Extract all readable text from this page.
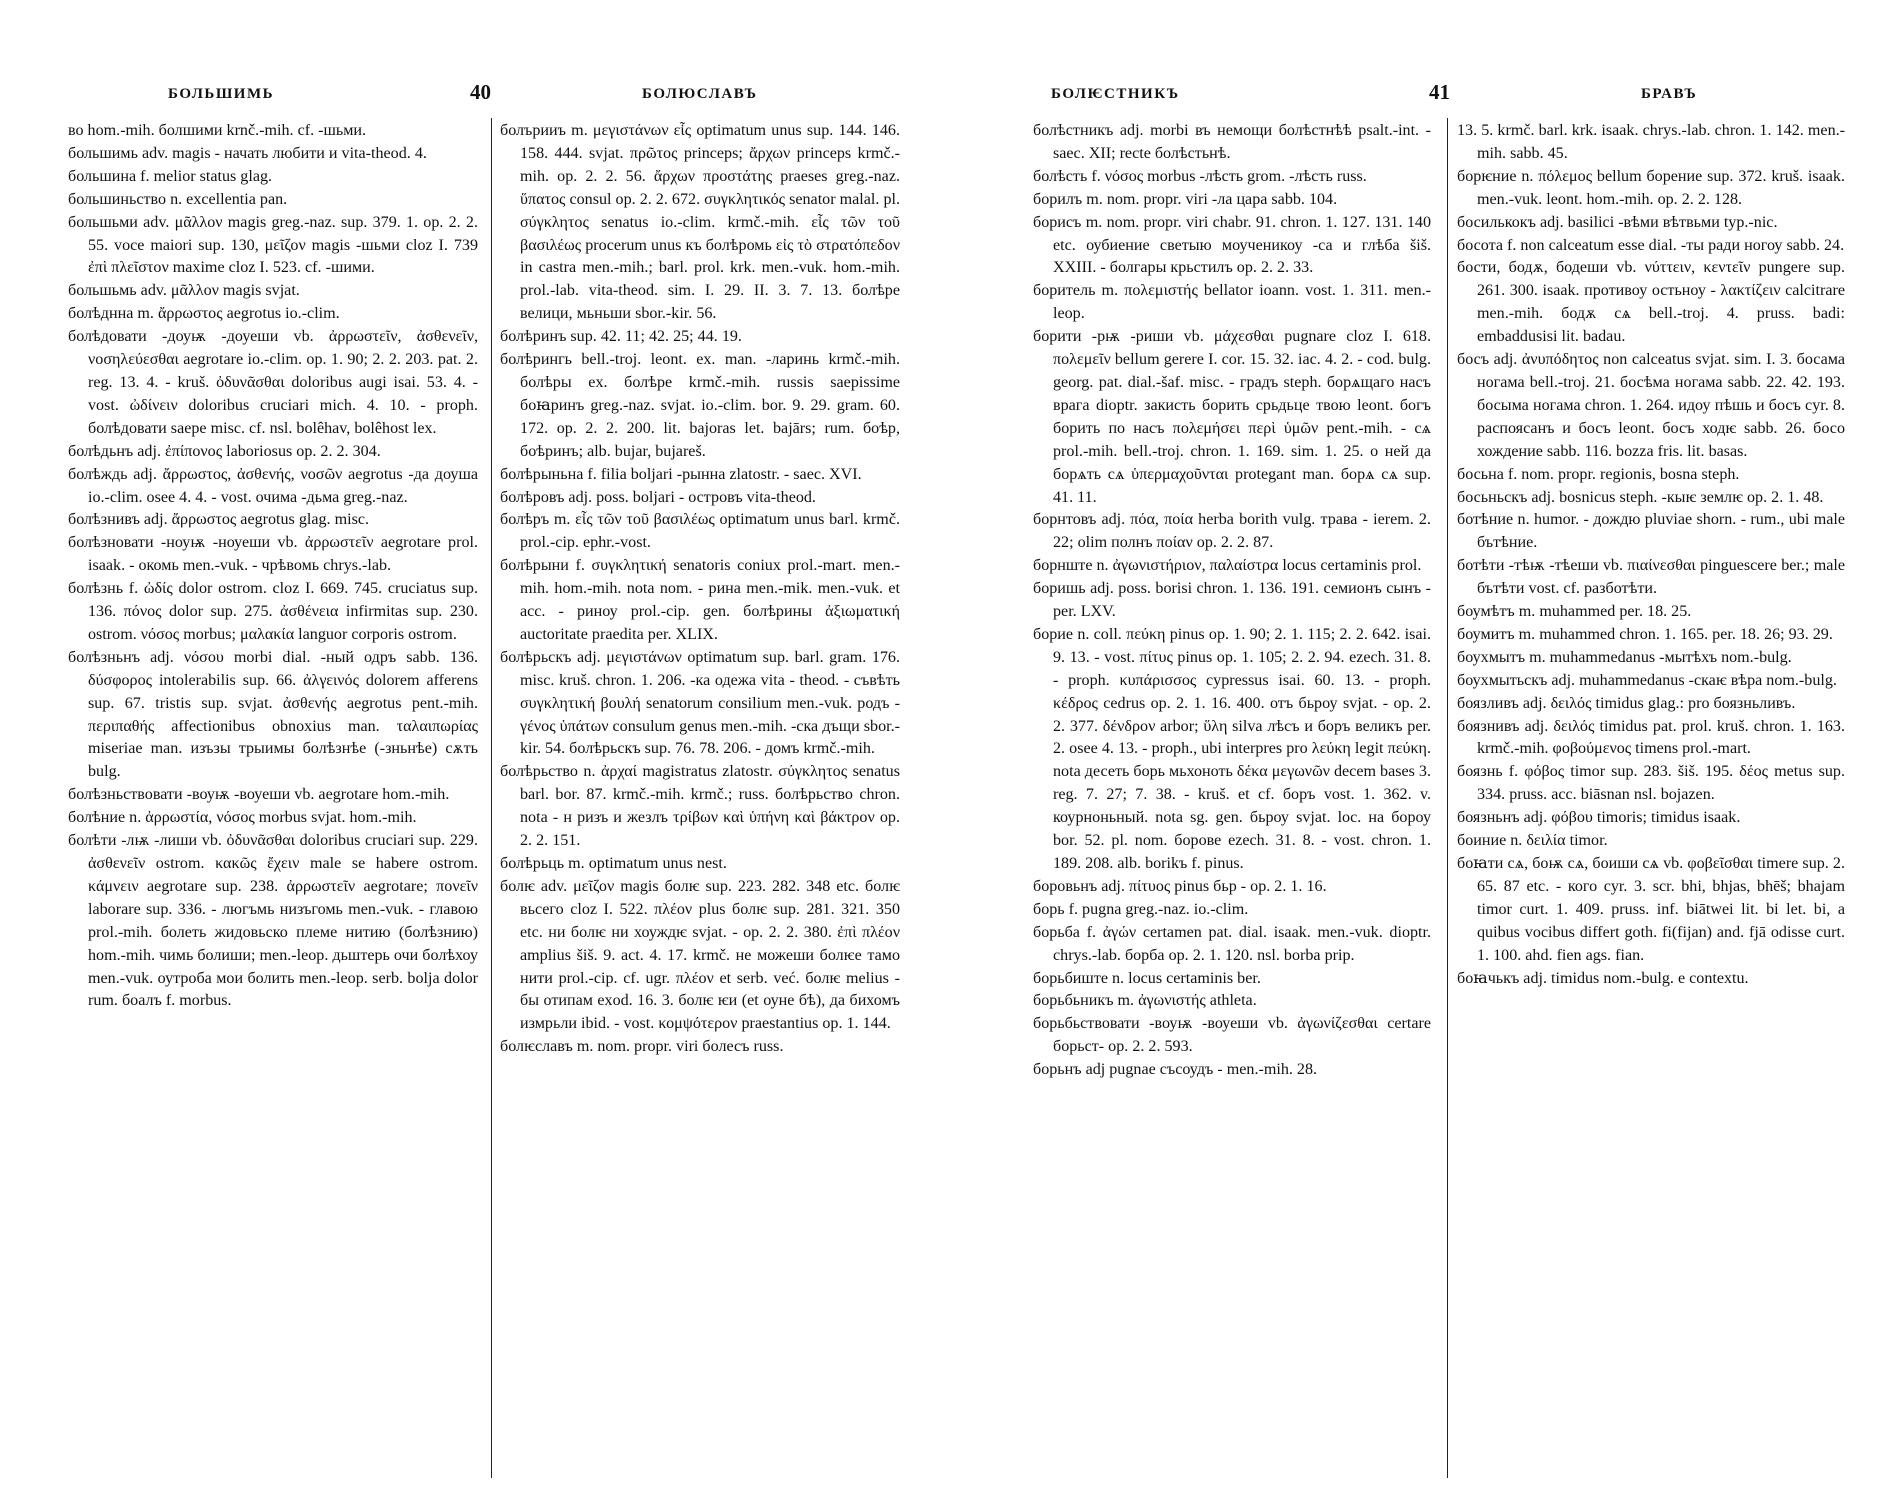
БОЛЬШИМЬ	40	БОЛЮСЛАВЪ

во hom.-mih. болшими krnč.-mih. cf. -шьми.

большимь adv. magis - начать любити и vita-theod. 4.

большина f. melior status glag.

большиньство n. excellentia pan.

большьми adv. μᾶλλον magis greg.-naz. sup. 379. 1. op. 2. 2. 55. voce maiori sup. 130, μεῖζον magis -шьми cloz I. 739 ἐπὶ πλεῖστον maxime cloz I. 523. cf. -шими.

большьмь adv. μᾶλλον magis svjat.

болѣднна m. ἄρρωστος aegrotus io.-clim.

болѣдовати -доуѭ -доуеши vb. ἀρρωστεῖν, ἀσθενεῖν, νοσηλεύεσθαι aegrotare io.-clim. op. 1. 90; 2. 2. 203. pat. 2. reg. 13. 4. - kruš. ὀδυνᾶσθαι doloribus augi isai. 53. 4. - vost. ὠδίνειν doloribus cruciari mich. 4. 10. - proph. болѣдовати saepe misc. cf. nsl. bolêhav, bolêhost lex.

болѣдьнъ adj. ἐπίπονος laboriosus op. 2. 2. 304.

болѣждь adj. ἄρρωστος, ἀσθενής, νοσῶν aegrotus -да доуша io.-clim. osee 4. 4. - vost. очима -дьма greg.-naz.

болѣзнивъ adj. ἄρρωστος aegrotus glag. misc.

болѣзновати -ноуѭ -ноуеши vb. ἀρρωστεῖν aegrotare prol. isaak. - окомь men.-vuk. - чрѣвомь chrys.-lab.

болѣзнь f. ὠδίς dolor ostrom. cloz I. 669. 745. cruciatus sup. 136. πόνος dolor sup. 275. ἀσθένεια infirmitas sup. 230. ostrom. νόσος morbus; μαλακία languor corporis ostrom.

болѣзньнъ adj. νόσου morbi dial. -ный одръ sabb. 136. δύσφορος intolerabilis sup. 66. ἀλγεινός dolorem afferens sup. 67. tristis sup. svjat. ἀσθενής aegrotus pent.-mih. περιπαθής affectionibus obnoxius man. ταλαιπωρίας miseriae man. изъзы трыимы болѣзнѣе (-зньнѣе) сѫть bulg.

болѣзньствовати -воуѭ -воуеши vb. aegrotare hom.-mih.

болѣние n. ἀρρωστία, νόσος morbus svjat. hom.-mih.

болѣти -лѭ -лиши vb. ὀδυνᾶσθαι doloribus cruciari sup. 229. ἀσθενεῖν ostrom. κακῶς ἔχειν male se habere ostrom. κάμνειν aegrotare sup. 238. ἀρρωστεῖν aegrotare; πονεῖν laborare sup. 336. - люгъмь низъгомь men.-vuk. - главою prol.-mih. болеть жидовьско племе нитию (болѣзнию) hom.-mih. чимь болиши; men.-leop. дьштерь очи болѣхоу men.-vuk. оутроба мои болить men.-leop. serb. bolja dolor rum. боалъ f. morbus.

болърииъ m. μεγιστάνων εἷς optimatum unus sup. 144. 146. 158. 444. svjat. πρῶτος princeps; ἄρχων princeps krmč.-mih. op. 2. 2. 56. ἄρχων προστάτης praeses greg.-naz. ὕπατος consul op. 2. 2. 672. συγκλητικός senator malal. pl. σύγκλητος senatus io.-clim. krmč.-mih. εἷς τῶν τοῦ βασιλέως procerum unus къ болѣромь εἰς τὸ στρατόπεδον in castra men.-mih.; barl. prol. krk. men.-vuk. hom.-mih. prol.-lab. vita-theod. sim. I. 29. II. 3. 7. 13. болѣре велици, мьньши sbor.-kir. 56.

болѣринъ sup. 42. 11; 42. 25; 44. 19.

болѣрингь bell.-troj. leont. ex. man. -ларинь krmč.-mih. болѣры ex. болѣре krmč.-mih. russis saepissime боꙗринъ greg.-naz. svjat. io.-clim. bor. 9. 29. gram. 60. 172. op. 2. 2. 200. lit. bajoras let. bajārs; rum. боѣр, боѣринъ; alb. bujar, bujareš.

болѣрыньна f. filia boljari -рынна zlatostr. - saec. XVI.

болѣровъ adj. poss. boljari - островъ vita-theod.

болѣръ m. εἷς τῶν τοῦ βασιλέως optimatum unus barl. krmč. prol.-cip. ephr.-vost.

болѣрыни f. συγκλητική senatoris coniux prol.-mart. men.-mih. hom.-mih. nota nom. - рина men.-mik. men.-vuk. et acc. - риноу prol.-cip. gen. болѣрины ἀξιωματική auctoritate praedita per. XLIX.

болѣрьскъ adj. μεγιστάνων optimatum sup. barl. gram. 176. misc. kruš. chron. 1. 206. -ка одежа vita - theod. - съвѣть συγκλητική βουλή senatorum consilium men.-vuk. родъ - γένος ὑπάτων consulum genus men.-mih. -ска дъщи sbor.-kir. 54. болѣрьскъ sup. 76. 78. 206. - домъ krmč.-mih.

болѣрьство n. ἀρχαί magistratus zlatostr. σύγκλητος senatus barl. bor. 87. krmč.-mih. krmč.; russ. болѣрьство chron. nota - н ризъ и жезлъ τρίβων καὶ ὑπήνη καὶ βάκτρον op. 2. 2. 151.

болѣрьць m. optimatum unus nest.

болѥ adv. μεῖζον magis болѥ sup. 223. 282. 348 etc. болѥ вьсего cloz I. 522. πλέον plus болѥ sup. 281. 321. 350 etc. ни болѥ ни хоуждѥ svjat. - op. 2. 2. 380. ἐπὶ πλέον amplius šiš. 9. act. 4. 17. krmč. не можеши болѥе тамо нити prol.-cip. cf. ugr. πλέον et serb. već. болѥ melius - бы отипам exod. 16. 3. болѥ ѥи (et оуне бѣ), да бихомъ измрьли ibid. - vost. κομψότερον praestantius op. 1. 144.

болѥславъ m. nom. propr. viri болесъ russ.

БОЛѤСТНИКЪ	41	БРАВЪ

болѣстникъ adj. morbi въ немощи болѣстнѣѣ psalt.-int. - saec. XII; recte болѣстьнѣ.

болѣсть f. νόσος morbus -лѣсть grom. -лѣсть russ.

борилъ m. nom. propr. viri -ла цара sabb. 104.

борисъ m. nom. propr. viri chabr. 91. chron. 1. 127. 131. 140 etc. оубиение светыю моученикоу -са и глѣба šiš. XXIII. - болгары крьстилъ op. 2. 2. 33.

боритель m. πολεμιστής bellator ioann. vost. 1. 311. men.-leop.

борити -рѭ -риши vb. μάχεσθαι pugnare cloz I. 618. πολεμεῖν bellum gerere I. cor. 15. 32. iac. 4. 2. - cod. bulg. georg. pat. dial.-šaf. misc. - градъ steph. борѧщаго насъ врага dioptr. закисть борить срьдьце твою leont. богъ борить по насъ πολεμήσει περὶ ὑμῶν pent.-mih. - сѧ prol.-mih. bell.-troj. chron. 1. 169. sim. 1. 25. о ней да борѧть сѧ ὑπερμαχοῦνται protegant man. борѧ сѧ sup. 41. 11.

борнтовъ adj. πόα, ποία herba borith vulg. трава - ierem. 2. 22; olim полнъ ποίαν op. 2. 2. 87.

борнште n. ἀγωνιστήριον, παλαίστρα locus certaminis prol.

боришь adj. poss. borisi chron. 1. 136. 191. семионъ сынъ - per. LXV.

борие n. coll. πεύκη pinus op. 1. 90; 2. 1. 115; 2. 2. 642. isai. 9. 13. - vost. πίτυς pinus op. 1. 105; 2. 2. 94. ezech. 31. 8. - proph. κυπάρισσος cypressus isai. 60. 13. - proph. κέδρος cedrus op. 2. 1. 16. 400. отъ бьроу svjat. - op. 2. 2. 377. δένδρον arbor; ὕλη silva лѣсъ и боръ великъ per. 2. osee 4. 13. - proph., ubi interpres pro λεύκη legit πεύκη. nota десеть борь мьхоноть δέκα μεγωνῶν decem bases 3. reg. 7. 27; 7. 38. - kruš. et cf. боръ vost. 1. 362. v. коурноньный. nota sg. gen. бьроу svjat. loc. на бороу bor. 52. pl. nom. борове ezech. 31. 8. - vost. chron. 1. 189. 208. alb. borikъ f. pinus.

боровьнъ adj. πίτυος pinus бьр - op. 2. 1. 16.

борь f. pugna greg.-naz. io.-clim.

борьба f. ἀγών certamen pat. dial. isaak. men.-vuk. dioptr. chrys.-lab. борба op. 2. 1. 120. nsl. borba prip.

борьбиште n. locus certaminis ber.

борьбьникъ m. ἀγωνιστής athleta.

борьбьствовати -воуѭ -воуеши vb. ἀγωνίζεσθαι certare борьст- op. 2. 2. 593.

борьнъ adj pugnae съсоудъ - men.-mih. 28.

13. 5. krmč. barl. krk. isaak. chrys.-lab. chron. 1. 142. men.-mih. sabb. 45.

борѥние n. πόλεμος bellum борение sup. 372. kruš. isaak. men.-vuk. leont. hom.-mih. op. 2. 2. 128.

босилькокъ adj. basilici -вѣми вѣтвьми typ.-nic.

босота f. non calceatum esse dial. -ты ради ногоу sabb. 24.

бости, бодѫ, бодеши vb. νύττειν, κεντεῖν pungere sup. 261. 300. isaak. противоу остьноу - λακτίζειν calcitrare men.-mih. бодѫ сѧ bell.-troj. 4. pruss. badi: embaddusisi lit. badau.

босъ adj. ἀνυπόδητος non calceatus svjat. sim. I. 3. босама ногама bell.-troj. 21. босѣма ногама sabb. 22. 42. 193. босыма ногама chron. 1. 264. идоу пѣшь и босъ cyr. 8. распоясанъ и босъ leont. босъ ходѥ sabb. 26. босо хождение sabb. 116. bozza fris. lit. basas.

босьна f. nom. propr. regionis, bosna steph.

босьньскъ adj. bosnicus steph. -кыѥ землѥ op. 2. 1. 48.

ботѣние n. humor. - дождю pluviae shorn. - rum., ubi male бътѣние.

ботѣти -тѣѭ -тѣеши vb. πιαίνεσθαι pinguescere ber.; male бътѣти vost. cf. разботѣти.

боумѣтъ m. muhammed per. 18. 25.

боумитъ m. muhammed chron. 1. 165. per. 18. 26; 93. 29.

боухмытъ m. muhammedanus -мытѣхъ nom.-bulg.

боухмытьскъ adj. muhammedanus -скаѥ вѣра nom.-bulg.

боязливъ adj. δειλός timidus glag.: pro боязньливъ.

боязнивъ adj. δειλός timidus pat. prol. kruš. chron. 1. 163. krmč.-mih. φοβούμενος timens prol.-mart.

боязнь f. φόβος timor sup. 283. šiš. 195. δέος metus sup. 334. pruss. acc. biāsnan nsl. bojazen.

боязньнъ adj. φόβου timoris; timidus isaak.

боиние n. δειλία timor.

боꙗти сѧ, боѭ сѧ, боиши сѧ vb. φοβεῖσθαι timere sup. 2. 65. 87 etc. - кого cyr. 3. scr. bhi, bhjas, bhēš; bhajam timor curt. 1. 409. pruss. inf. biātwei lit. bi let. bi, a quibus vocibus differt goth. fi(fijan) and. fjā odisse curt. 1. 100. ahd. fien ags. fian.

боꙗчькъ adj. timidus nom.-bulg. e contextu.
